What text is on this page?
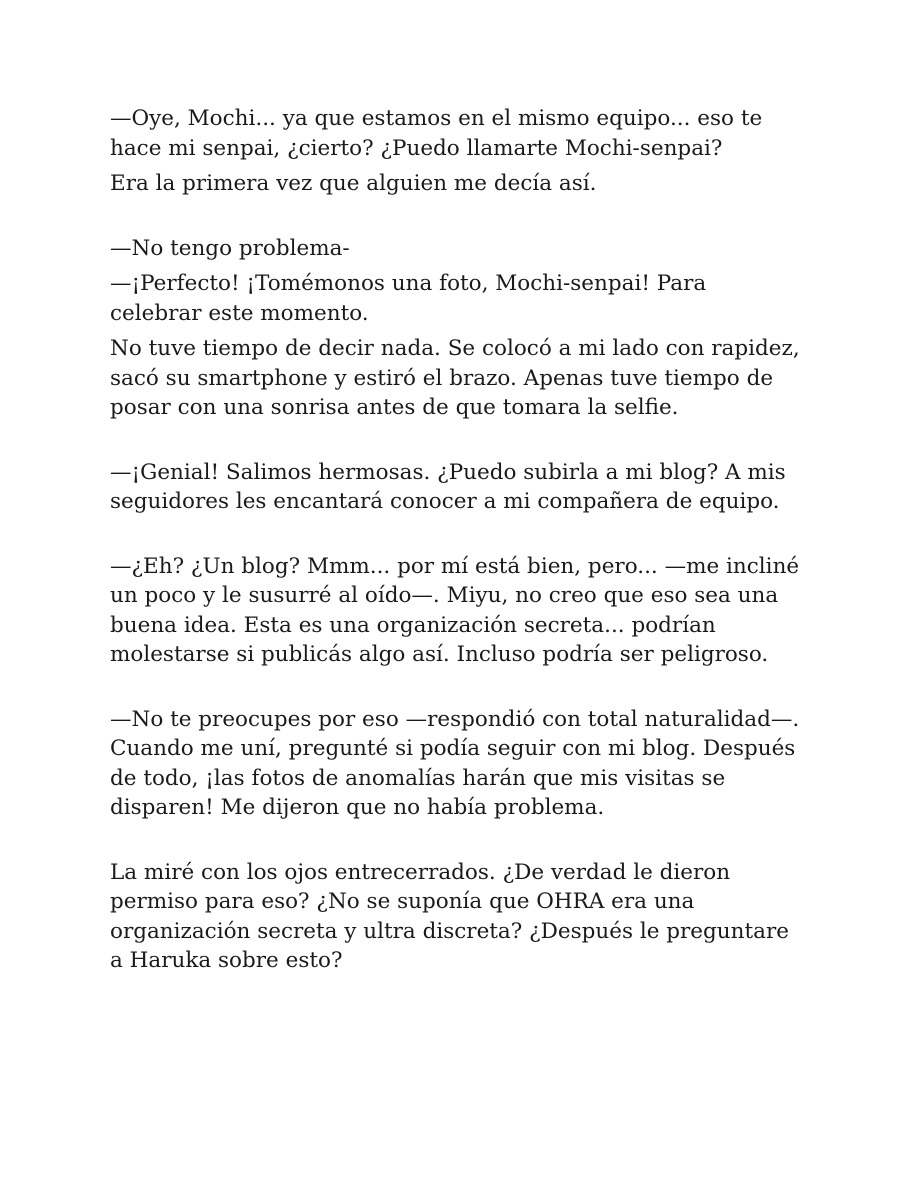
—Oye, Mochi... ya que estamos en el mismo equipo... eso te hace mi senpai, ¿cierto? ¿Puedo llamarte Mochi-senpai?

Era la primera vez que alguien me decía así.

—No tengo problema-

—¡Perfecto! ¡Tomémonos una foto, Mochi-senpai! Para celebrar este momento.

No tuve tiempo de decir nada. Se colocó a mi lado con rapidez, sacó su smartphone y estiró el brazo. Apenas tuve tiempo de posar con una sonrisa antes de que tomara la selfie.

—¡Genial! Salimos hermosas. ¿Puedo subirla a mi blog? A mis seguidores les encantará conocer a mi compañera de equipo.

—¿Eh? ¿Un blog? Mmm... por mí está bien, pero... —me incliné un poco y le susurré al oído—. Miyu, no creo que eso sea una buena idea. Esta es una organización secreta... podrían molestarse si publicás algo así. Incluso podría ser peligroso.

—No te preocupes por eso —respondió con total naturalidad—. Cuando me uní, pregunté si podía seguir con mi blog. Después de todo, ¡las fotos de anomalías harán que mis visitas se disparen! Me dijeron que no había problema.

La miré con los ojos entrecerrados. ¿De verdad le dieron permiso para eso? ¿No se suponía que OHRA era una organización secreta y ultra discreta? ¿Después le preguntare a Haruka sobre esto?
